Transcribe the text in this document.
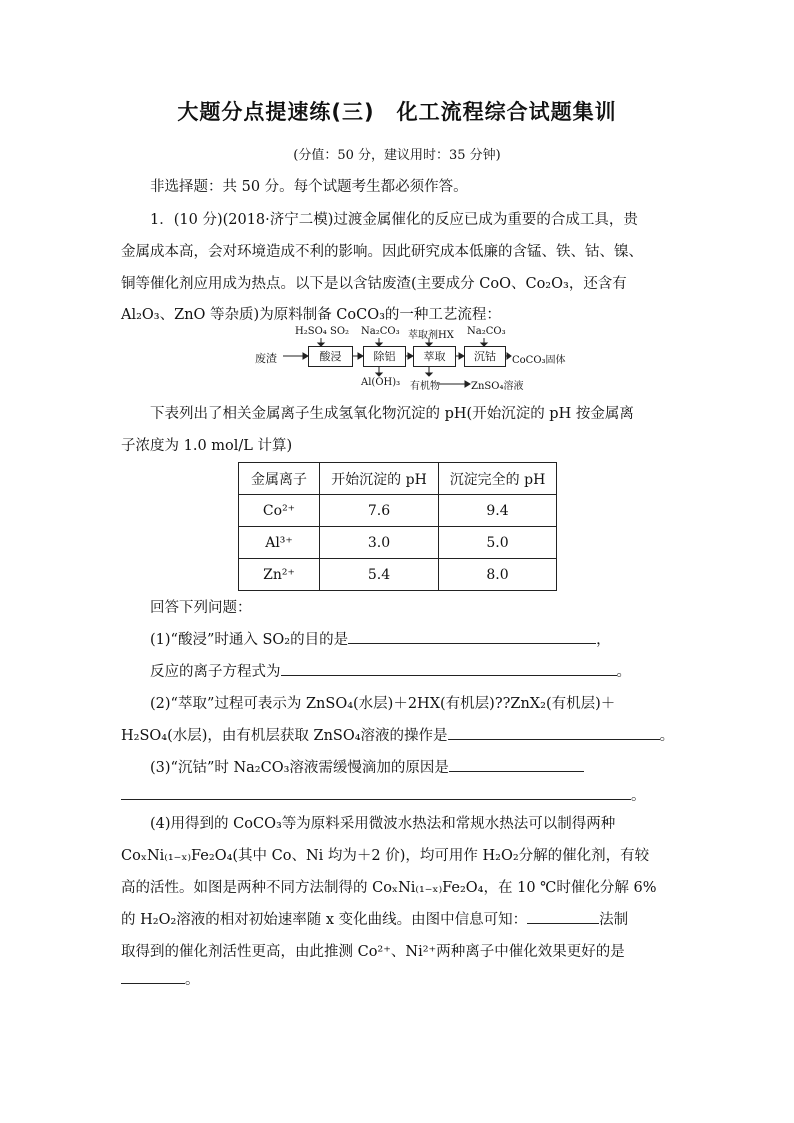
大题分点提速练(三)　化工流程综合试题集训
(分值：50 分，建议用时：35 分钟)
非选择题：共 50 分。每个试题考生都必须作答。
1．(10 分)(2018·济宁二模)过渡金属催化的反应已成为重要的合成工具，贵
金属成本高，会对环境造成不利的影响。因此研究成本低廉的含锰、铁、钴、镍、
铜等催化剂应用成为热点。以下是以含钴废渣(主要成分 CoO、Co₂O₃，还含有
Al₂O₃、ZnO 等杂质)为原料制备 CoCO₃的一种工艺流程：
废渣	酸浸	除铝	萃取	沉钴	CoCO₃固体
H₂SO₄ SO₂ Na₂CO₃ 萃取剂HX Na₂CO₃
Al(OH)₃ 有机物	ZnSO₄溶液
下表列出了相关金属离子生成氢氧化物沉淀的 pH(开始沉淀的 pH 按金属离
子浓度为 1.0 mol/L 计算)
金属离子	开始沉淀的 pH	沉淀完全的 pH
Co²⁺	7.6	9.4
Al³⁺	3.0	5.0
Zn²⁺	5.4	8.0
回答下列问题：
(1)“酸浸”时通入 SO₂的目的是	，
反应的离子方程式为	。
(2)“萃取”过程可表示为 ZnSO₄(水层)＋2HX(有机层)??ZnX₂(有机层)＋
H₂SO₄(水层)，由有机层获取 ZnSO₄溶液的操作是	。
(3)“沉钴”时 Na₂CO₃溶液需缓慢滴加的原因是
。
(4)用得到的 CoCO₃等为原料采用微波水热法和常规水热法可以制得两种
CoₓNi₍₁₋ₓ₎Fe₂O₄(其中 Co、Ni 均为＋2 价)，均可用作 H₂O₂分解的催化剂，有较
高的活性。如图是两种不同方法制得的 CoₓNi₍₁₋ₓ₎Fe₂O₄，在 10 ℃时催化分解 6%
的 H₂O₂溶液的相对初始速率随 x 变化曲线。由图中信息可知：	法制
取得到的催化剂活性更高，由此推测 Co²⁺、Ni²⁺两种离子中催化效果更好的是
。
